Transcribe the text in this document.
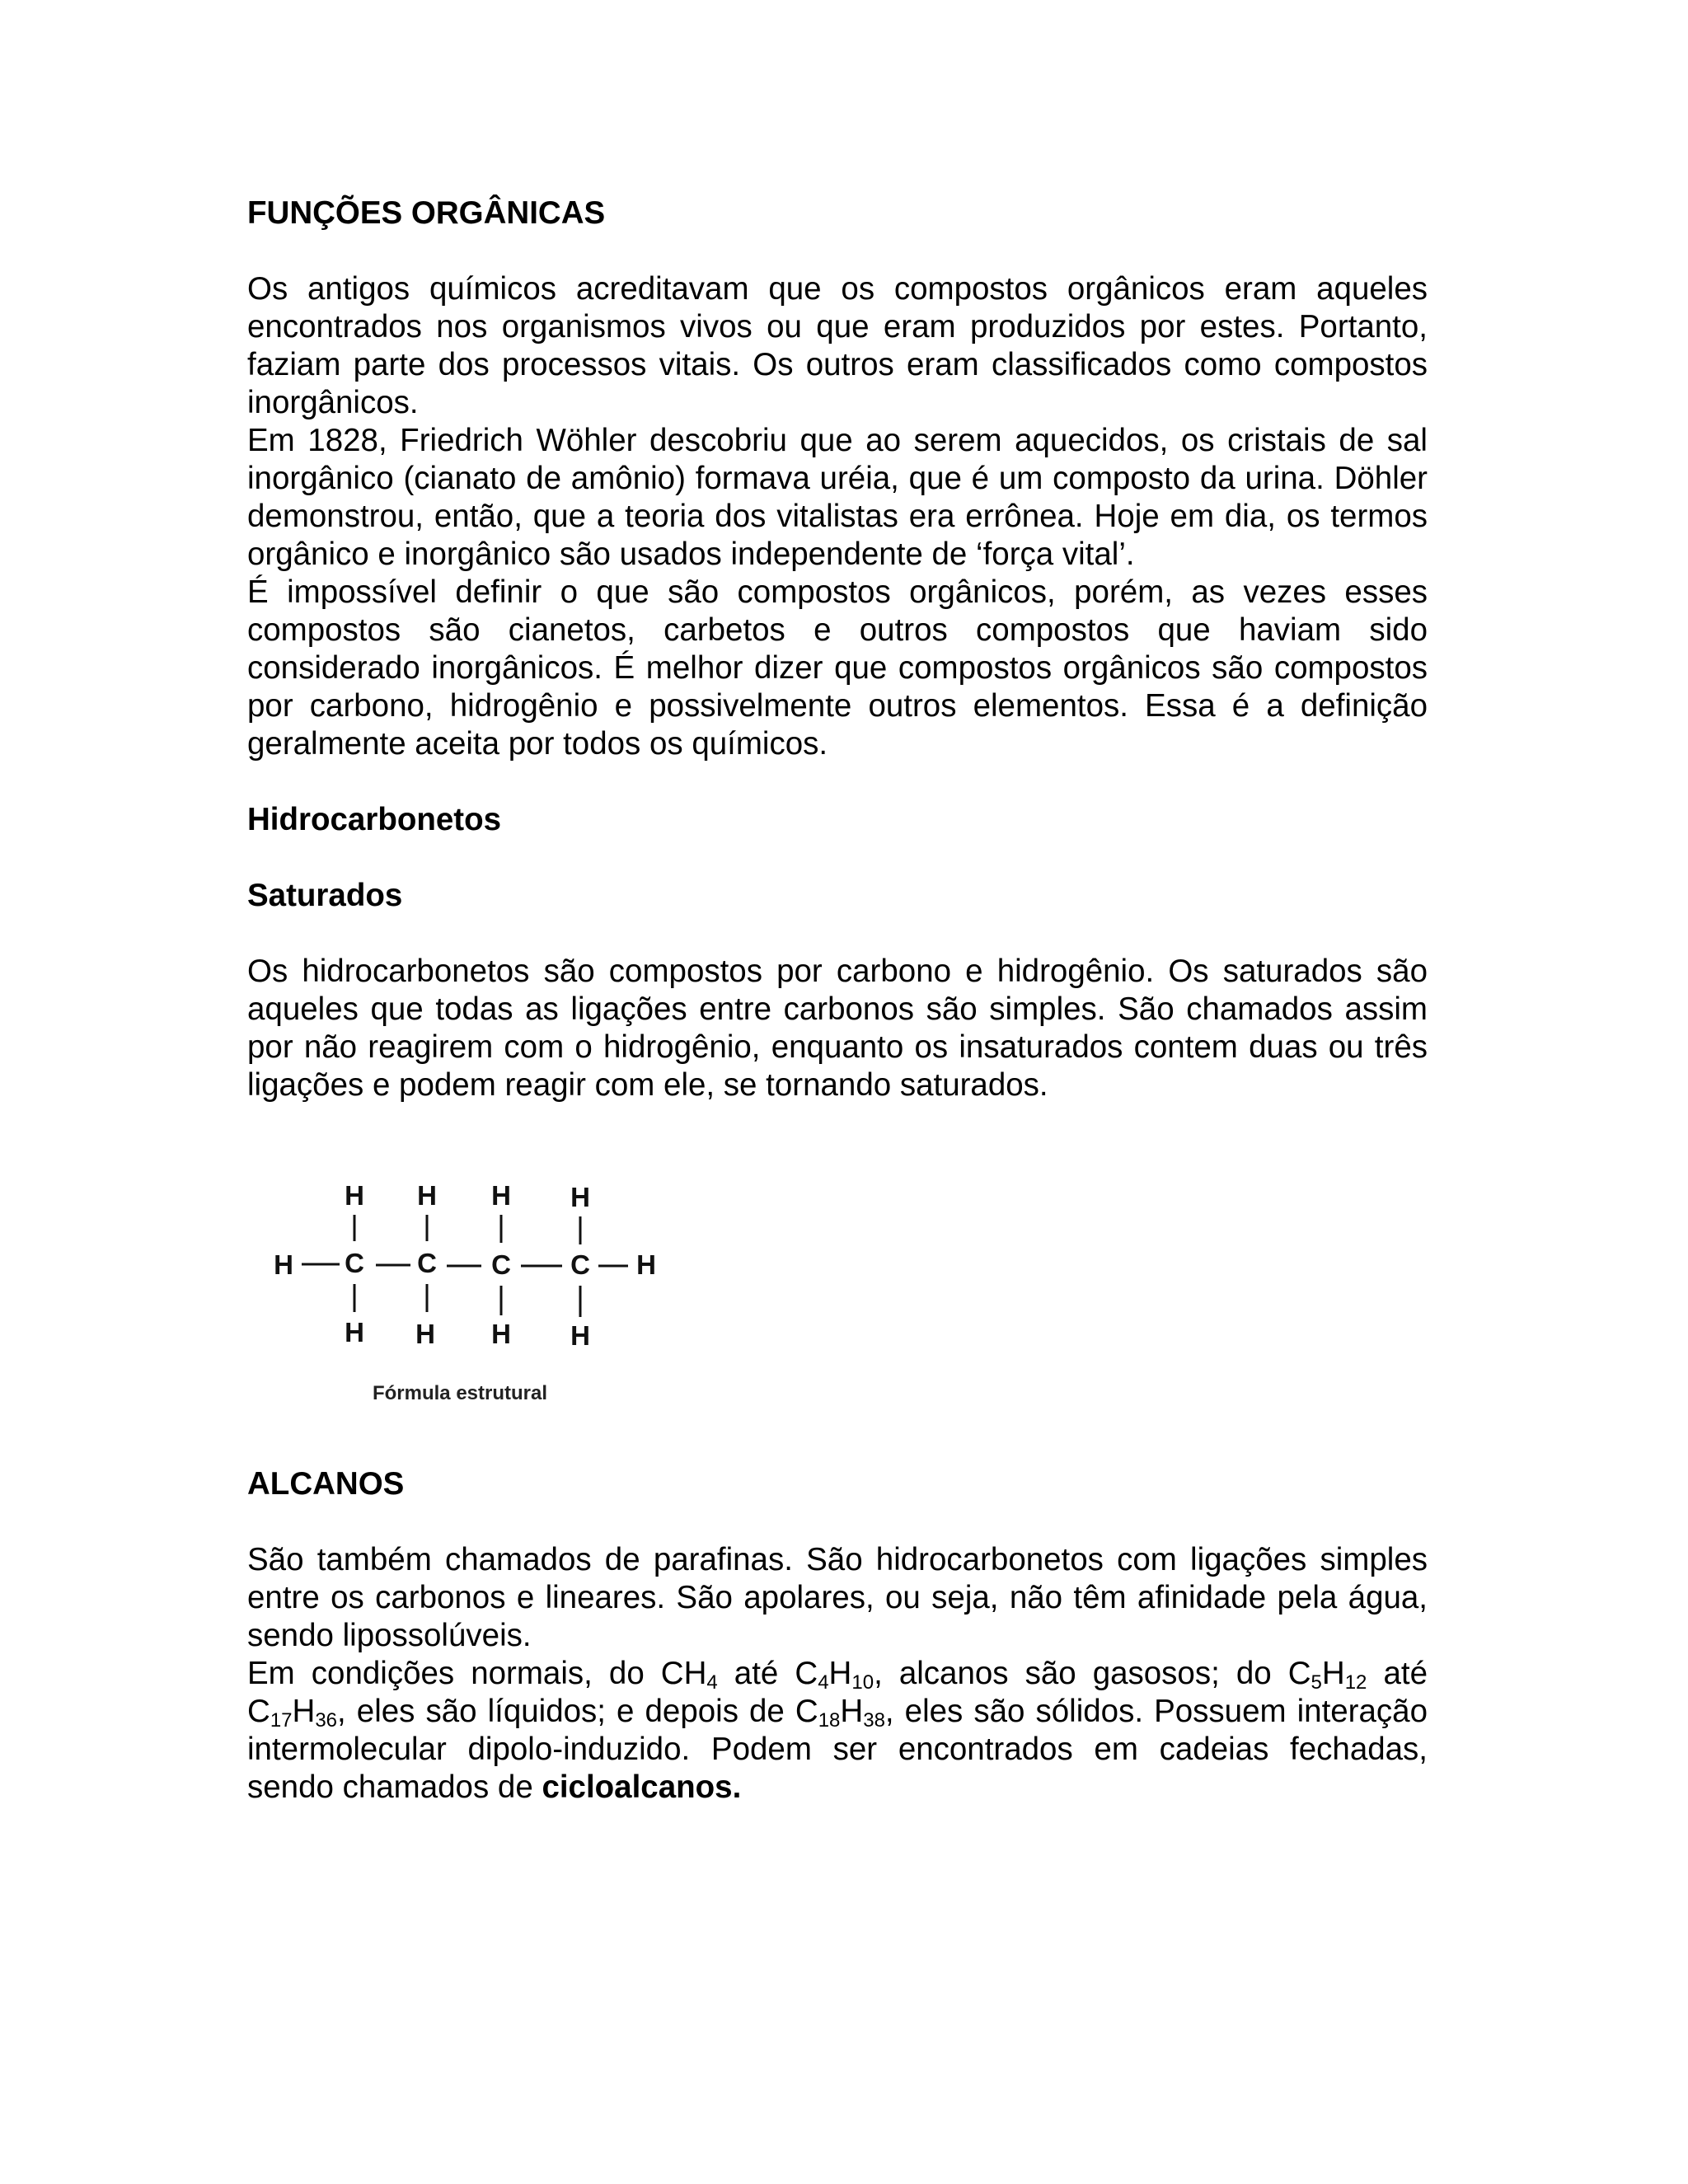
FUNÇÕES ORGÂNICAS

Os antigos químicos acreditavam que os compostos orgânicos eram aqueles encontrados nos organismos vivos ou que eram produzidos por estes. Portanto, faziam parte dos processos vitais. Os outros eram classificados como compostos inorgânicos.

Em 1828, Friedrich Wöhler descobriu que ao serem aquecidos, os cristais de sal inorgânico (cianato de amônio) formava uréia, que é um composto da urina. Döhler demonstrou, então, que a teoria dos vitalistas era errônea. Hoje em dia, os termos orgânico e inorgânico são usados independente de ‘força vital’.

É impossível definir o que são compostos orgânicos, porém, as vezes esses compostos são cianetos, carbetos e outros compostos que haviam sido considerado inorgânicos. É melhor dizer que compostos orgânicos são compostos por carbono, hidrogênio e possivelmente outros elementos. Essa é a definição geralmente aceita por todos os químicos.

Hidrocarbonetos

Saturados

Os hidrocarbonetos são compostos por carbono e hidrogênio. Os saturados são aqueles que todas as ligações entre carbonos são simples. São chamados assim por não reagirem com o hidrogênio, enquanto os insaturados contem duas ou três ligações e podem reagir com ele, se tornando saturados.

H H H H
H C C C C H
H H H H
Fórmula estrutural

ALCANOS

São também chamados de parafinas. São hidrocarbonetos com ligações simples entre os carbonos e lineares. São apolares, ou seja, não têm afinidade pela água, sendo lipossolúveis.

Em condições normais, do $CH_4$ até $C_4H_{10}$, alcanos são gasosos; do $C_5H_{12}$ até $C_{17}H_{36}$, eles são líquidos; e depois de $C_{18}H_{38}$, eles são sólidos. Possuem interação intermolecular dipolo-induzido. Podem ser encontrados em cadeias fechadas, sendo chamados de cicloalcanos.
